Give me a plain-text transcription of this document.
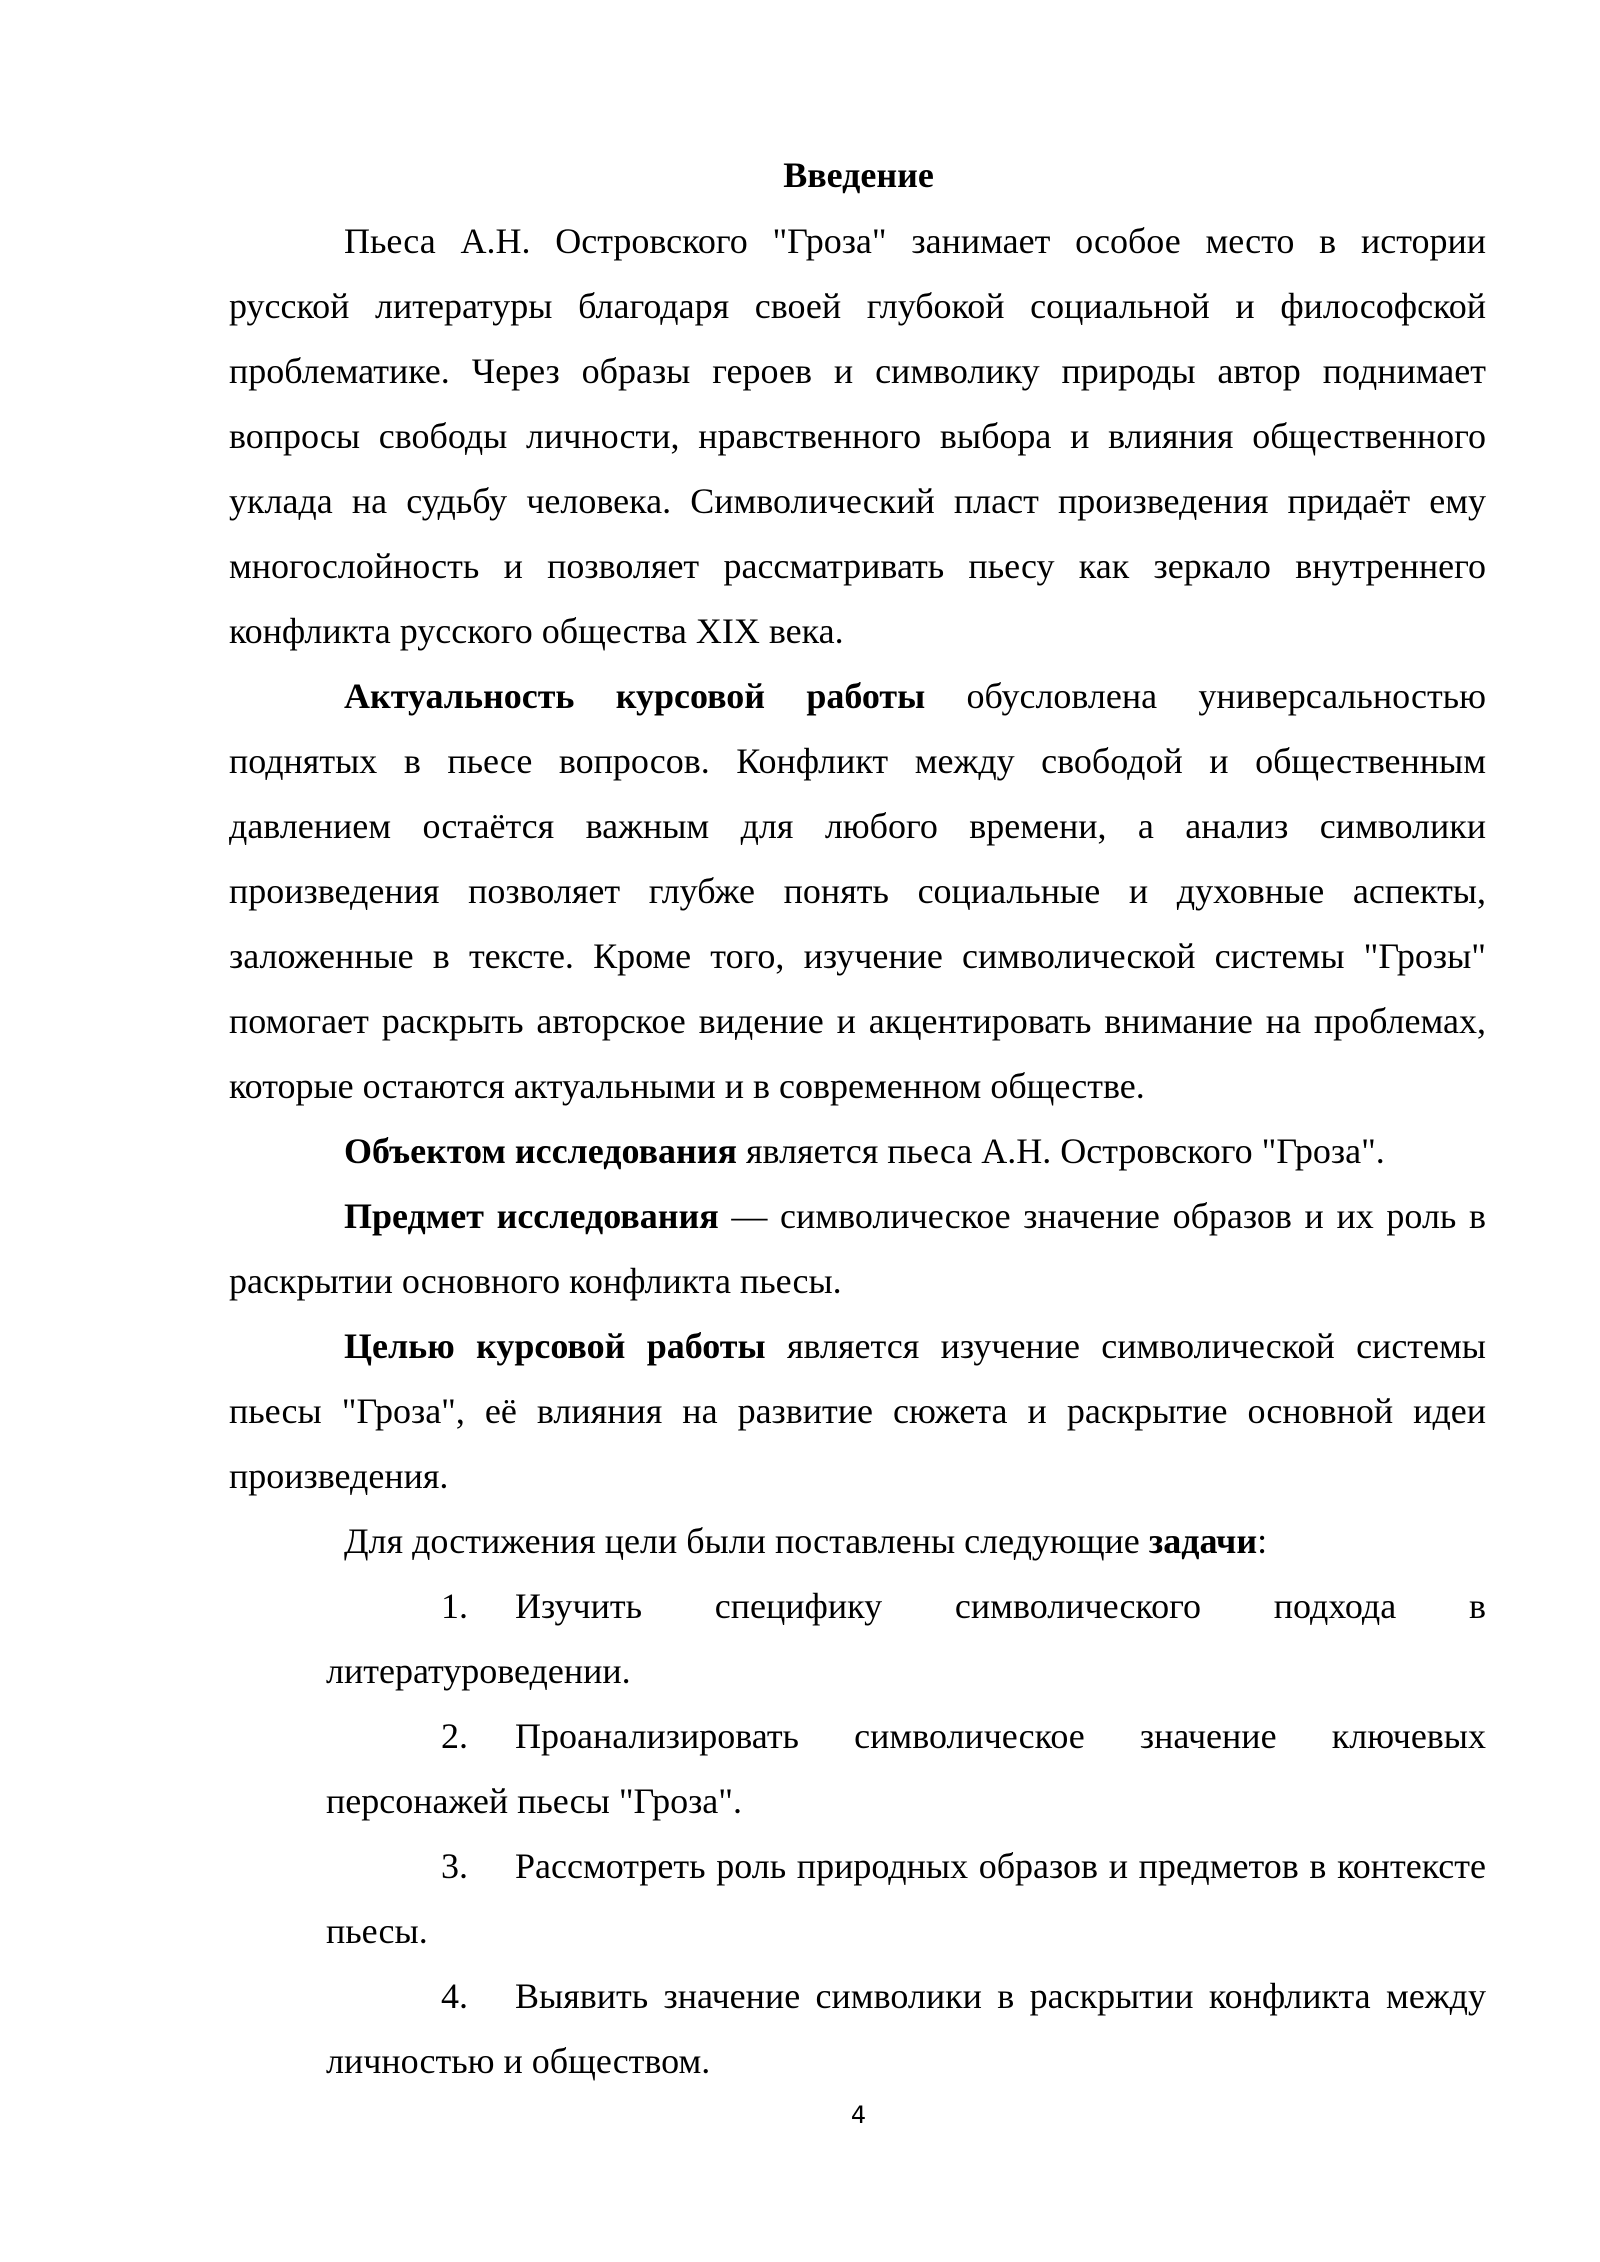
Введение

Пьеса А.Н. Островского "Гроза" занимает особое место в истории русской литературы благодаря своей глубокой социальной и философской проблематике. Через образы героев и символику природы автор поднимает вопросы свободы личности, нравственного выбора и влияния общественного уклада на судьбу человека. Символический пласт произведения придаёт ему многослойность и позволяет рассматривать пьесу как зеркало внутреннего конфликта русского общества XIX века.

Актуальность курсовой работы обусловлена универсальностью поднятых в пьесе вопросов. Конфликт между свободой и общественным давлением остаётся важным для любого времени, а анализ символики произведения позволяет глубже понять социальные и духовные аспекты, заложенные в тексте. Кроме того, изучение символической системы "Грозы" помогает раскрыть авторское видение и акцентировать внимание на проблемах, которые остаются актуальными и в современном обществе.

Объектом исследования является пьеса А.Н. Островского "Гроза".

Предмет исследования — символическое значение образов и их роль в раскрытии основного конфликта пьесы.

Целью курсовой работы является изучение символической системы пьесы "Гроза", её влияния на развитие сюжета и раскрытие основной идеи произведения.

Для достижения цели были поставлены следующие задачи:

1. Изучить специфику символического подхода в литературоведении.

2. Проанализировать символическое значение ключевых персонажей пьесы "Гроза".

3. Рассмотреть роль природных образов и предметов в контексте пьесы.

4. Выявить значение символики в раскрытии конфликта между личностью и обществом.

4
